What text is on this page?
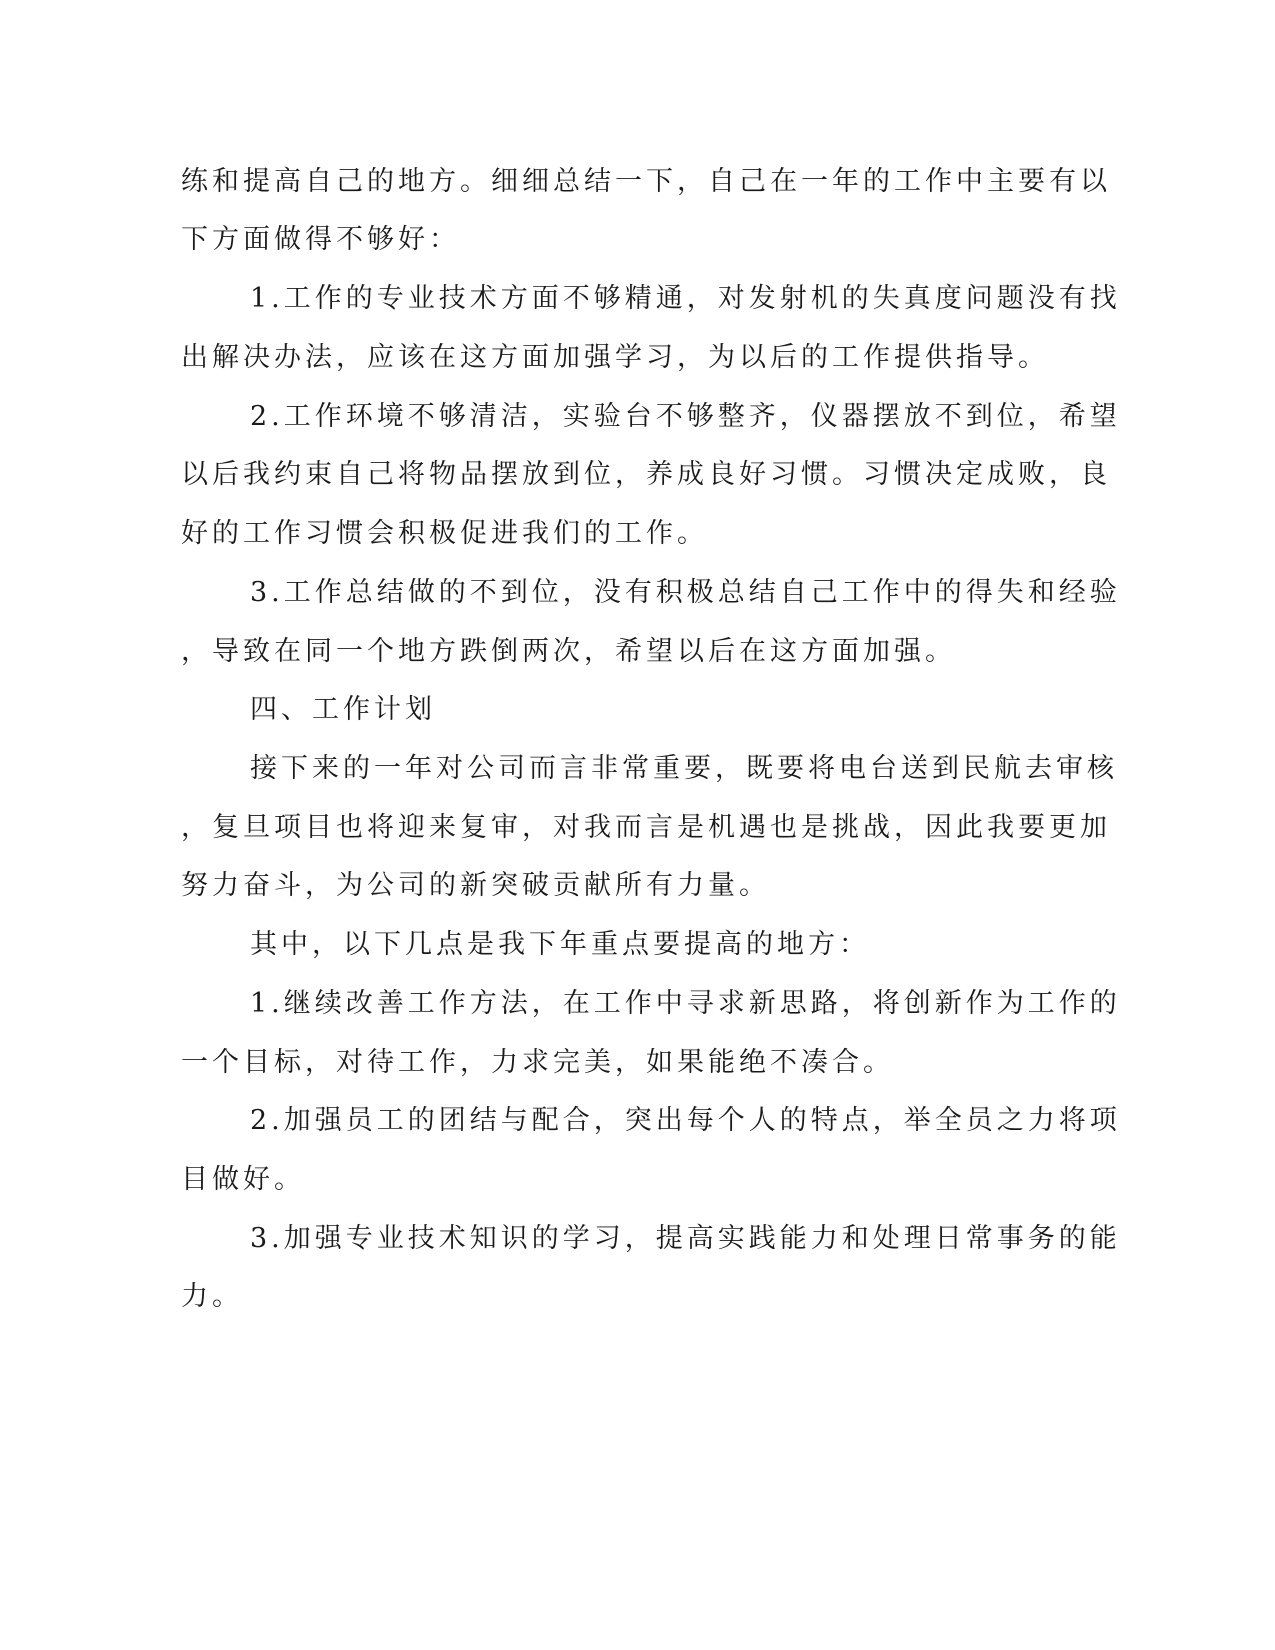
练和提高自己的地方。细细总结一下，自己在一年的工作中主要有以

下方面做得不够好：

1.工作的专业技术方面不够精通，对发射机的失真度问题没有找

出解决办法，应该在这方面加强学习，为以后的工作提供指导。

2.工作环境不够清洁，实验台不够整齐，仪器摆放不到位，希望

以后我约束自己将物品摆放到位，养成良好习惯。习惯决定成败，良

好的工作习惯会积极促进我们的工作。

3.工作总结做的不到位，没有积极总结自己工作中的得失和经验

，导致在同一个地方跌倒两次，希望以后在这方面加强。

四、工作计划

接下来的一年对公司而言非常重要，既要将电台送到民航去审核

，复旦项目也将迎来复审，对我而言是机遇也是挑战，因此我要更加

努力奋斗，为公司的新突破贡献所有力量。

其中，以下几点是我下年重点要提高的地方：

1.继续改善工作方法，在工作中寻求新思路，将创新作为工作的

一个目标，对待工作，力求完美，如果能绝不凑合。

2.加强员工的团结与配合，突出每个人的特点，举全员之力将项

目做好。

3.加强专业技术知识的学习，提高实践能力和处理日常事务的能

力。
